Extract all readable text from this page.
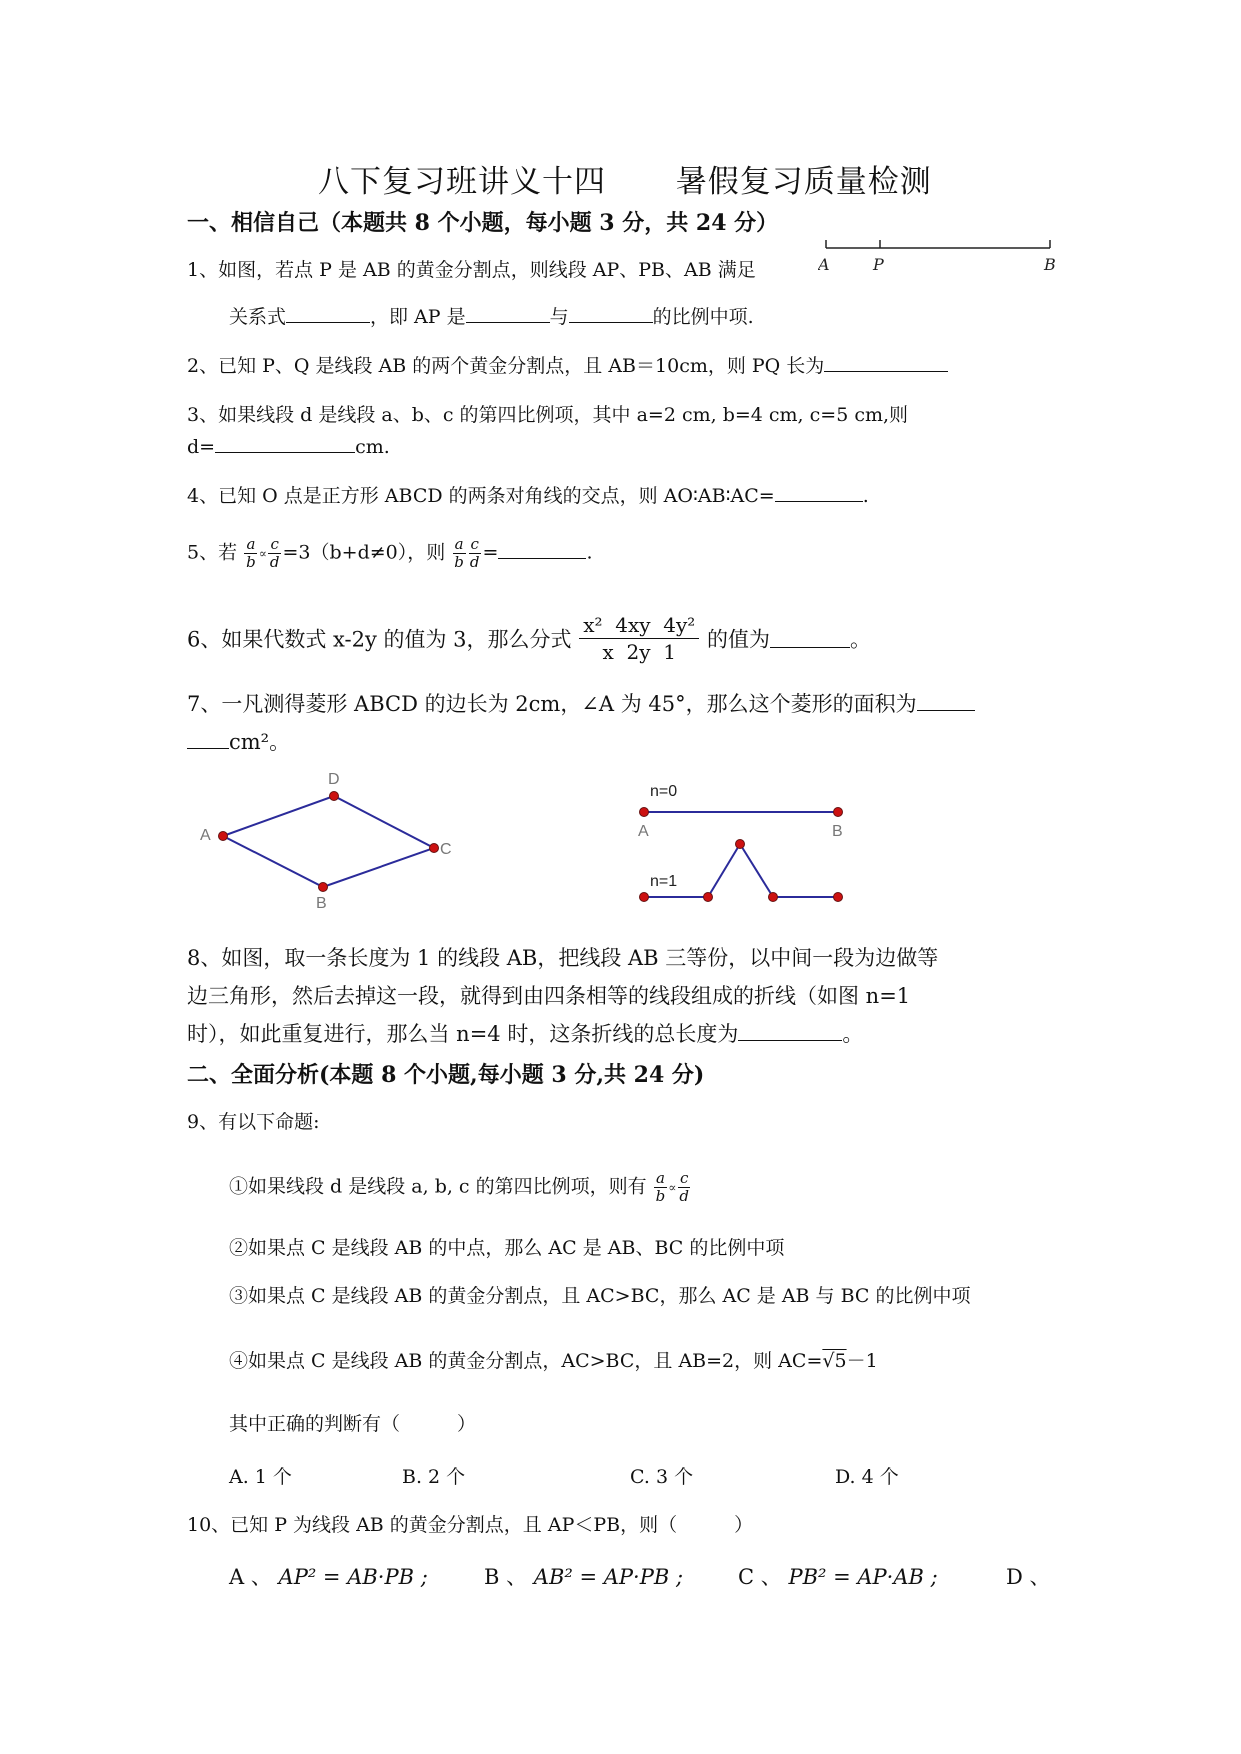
八下复习班讲义十四 暑假复习质量检测
一、相信自己（本题共 8 个小题，每小题 3 分，共 24 分）
1、如图，若点 P 是 AB 的黄金分割点，则线段 AP、PB、AB 满足	A	P	B
关系式	，即 AP 是	与	的比例中项.
2、已知 P、Q 是线段 AB 的两个黄金分割点，且 AB＝10cm，则 PQ 长为
3、如果线段 d 是线段 a、b、c 的第四比例项，其中 a=2 cm, b=4 cm, c=5 cm,则
d=	cm.
4、已知 O 点是正方形 ABCD 的两条对角线的交点，则 AO∶AB∶AC=	.
5、若 $\frac{a}{b} \propto \frac{c}{d} =3(b+d\ne 0)$，则 $\frac{a}{b} \frac{c}{d}$ =	.
6、如果代数式 x-2y 的值为 3，那么分式 $\frac{\text{x²  4xy  4y²}}{x 2y 1}$ 的值为	。
7、一凡测得菱形 ABCD 的边长为 2cm，∠A 为 45°，那么这个菱形的面积为
cm²。
A
D
C
B
n=0
A	B
n=1
8、如图，取一条长度为 1 的线段 AB，把线段 AB 三等份，以中间一段为边做等
边三角形，然后去掉这一段，就得到由四条相等的线段组成的折线（如图 n=1
时），如此重复进行，那么当 n=4 时，这条折线的总长度为	。
二、全面分析(本题 8 个小题,每小题 3 分,共 24 分)
9、有以下命题:
①如果线段 d 是线段 a, b, c 的第四比例项，则有 $\frac{a}{b} \propto \frac{c}{d}$
②如果点 C 是线段 AB 的中点，那么 AC 是 AB、BC 的比例中项
③如果点 C 是线段 AB 的黄金分割点，且 AC>BC，那么 AC 是 AB 与 BC 的比例中项
④如果点 C 是线段 AB 的黄金分割点，AC>BC，且 AB=2，则 AC=√5－1
其中正确的判断有（　　　）
A. 1 个	B. 2 个	C. 3 个	D. 4 个
10、已知 P 为线段 AB 的黄金分割点，且 AP＜PB，则（　　　）
A 、 AP² = AB·PB ;	B 、 AB² = AP·PB ;	C 、 PB² = AP·AB ;	D 、
